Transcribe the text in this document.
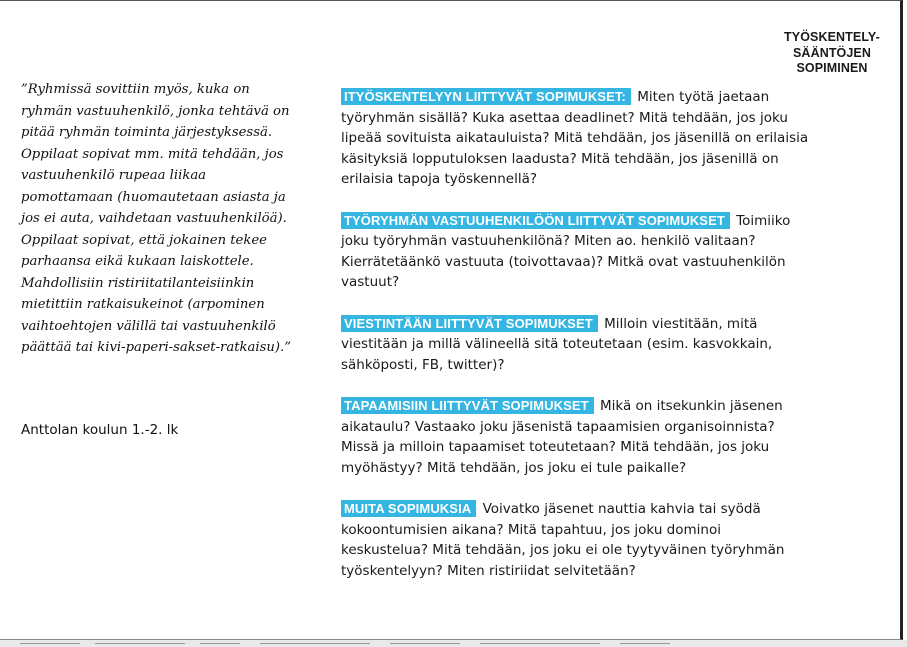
TYÖSKENTELY-
SÄÄNTÖJEN
SOPIMINEN
”Ryhmissä sovittiin myös, kuka on ryhmän vastuuhenkilö, jonka tehtävä on pitää ryhmän toiminta järjestyksessä. Oppilaat sopivat mm. mitä tehdään, jos vastuuhenkilö rupeaa liikaa pomottamaan (huomautetaan asiasta ja jos ei auta, vaihdetaan vastuuhenkilöä). Oppilaat sopivat, että jokainen tekee parhaansa eikä kukaan laiskottele. Mahdollisiin ristiriitatilanteisiinkin mietittiin ratkaisukeinot (arpominen vaihtoehtojen välillä tai vastuuhenkilö päättää tai kivi-paperi-sakset-ratkaisu).”
Anttolan koulun 1.-2. lk

ITYÖSKENTELYYN LIITTYVÄT SOPIMUKSET: Miten työtä jaetaan työryhmän sisällä? Kuka asettaa deadlinet? Mitä tehdään, jos joku lipeää sovituista aikatauluista? Mitä tehdään, jos jäsenillä on erilaisia käsityksiä lopputuloksen laadusta? Mitä tehdään, jos jäsenillä on erilaisia tapoja työskennellä?

TYÖRYHMÄN VASTUUHENKILÖÖN LIITTYVÄT SOPIMUKSET Toimiiko joku työryhmän vastuuhenkilönä? Miten ao. henkilö valitaan? Kierrätetäänkö vastuuta (toivottavaa)? Mitkä ovat vastuuhenkilön vastuut?

VIESTINTÄÄN LIITTYVÄT SOPIMUKSET Milloin viestitään, mitä viestitään ja millä välineellä sitä toteutetaan (esim. kasvokkain, sähköposti, FB, twitter)?

TAPAAMISIIN LIITTYVÄT SOPIMUKSET Mikä on itsekunkin jäsenen aikataulu? Vastaako joku jäsenistä tapaamisien organisoinnista? Missä ja milloin tapaamiset toteutetaan? Mitä tehdään, jos joku myöhästyy? Mitä tehdään, jos joku ei tule paikalle?

MUITA SOPIMUKSIA Voivatko jäsenet nauttia kahvia tai syödä kokoontumisien aikana? Mitä tapahtuu, jos joku dominoi keskustelua? Mitä tehdään, jos joku ei ole tyytyväinen työryhmän työskentelyyn? Miten ristiriidat selvitetään?
